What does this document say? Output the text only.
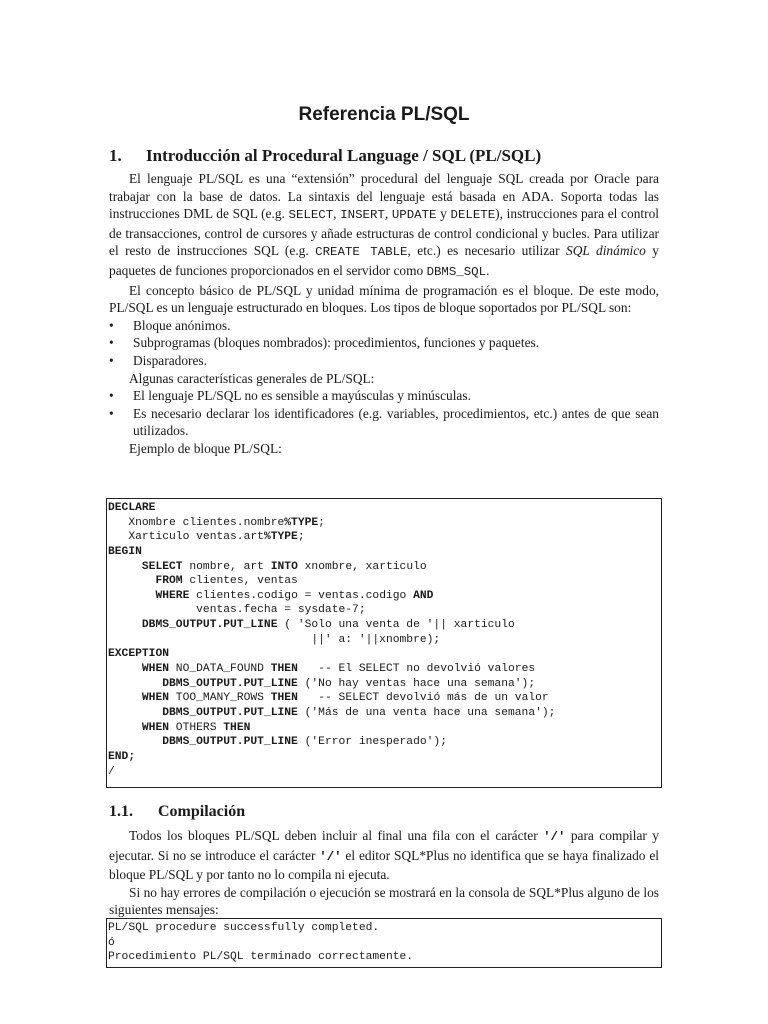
Referencia PL/SQL
1. Introducción al Procedural Language / SQL (PL/SQL)

El lenguaje PL/SQL es una “extensión” procedural del lenguaje SQL creada por Oracle para trabajar con la base de datos. La sintaxis del lenguaje está basada en ADA. Soporta todas las instrucciones DML de SQL (e.g. SELECT, INSERT, UPDATE y DELETE), instrucciones para el control de transacciones, control de cursores y añade estructuras de control condicional y bucles. Para utilizar el resto de instrucciones SQL (e.g. CREATE TABLE, etc.) es necesario utilizar SQL dinámico y paquetes de funciones proporcionados en el servidor como DBMS_SQL.

El concepto básico de PL/SQL y unidad mínima de programación es el bloque. De este modo, PL/SQL es un lenguaje estructurado en bloques. Los tipos de bloque soportados por PL/SQL son:

• Bloque anónimos.
• Subprogramas (bloques nombrados): procedimientos, funciones y paquetes.
• Disparadores.

Algunas características generales de PL/SQL:

• El lenguaje PL/SQL no es sensible a mayúsculas y minúsculas.
• Es necesario declarar los identificadores (e.g. variables, procedimientos, etc.) antes de que sean utilizados.

Ejemplo de bloque PL/SQL:

DECLARE
Xnombre clientes.nombre%TYPE;
Xarticulo ventas.art%TYPE;
BEGIN
SELECT nombre, art INTO xnombre, xarticulo
FROM clientes, ventas
WHERE clientes.codigo = ventas.codigo AND
ventas.fecha = sysdate-7;
DBMS_OUTPUT.PUT_LINE ( 'Solo una venta de '|| xarticulo
||' a: '||xnombre);
EXCEPTION
WHEN NO_DATA_FOUND THEN   -- El SELECT no devolvió valores
DBMS_OUTPUT.PUT_LINE ('No hay ventas hace una semana');
WHEN TOO_MANY_ROWS THEN   -- SELECT devolvió más de un valor
DBMS_OUTPUT.PUT_LINE ('Más de una venta hace una semana');
WHEN OTHERS THEN
DBMS_OUTPUT.PUT_LINE ('Error inesperado');
END;
/
1.1. Compilación

Todos los bloques PL/SQL deben incluir al final una fila con el carácter '/' para compilar y ejecutar. Si no se introduce el carácter '/' el editor SQL*Plus no identifica que se haya finalizado el bloque PL/SQL y por tanto no lo compila ni ejecuta.

Si no hay errores de compilación o ejecución se mostrará en la consola de SQL*Plus alguno de los siguientes mensajes:

PL/SQL procedure successfully completed.
ó
Procedimiento PL/SQL terminado correctamente.
